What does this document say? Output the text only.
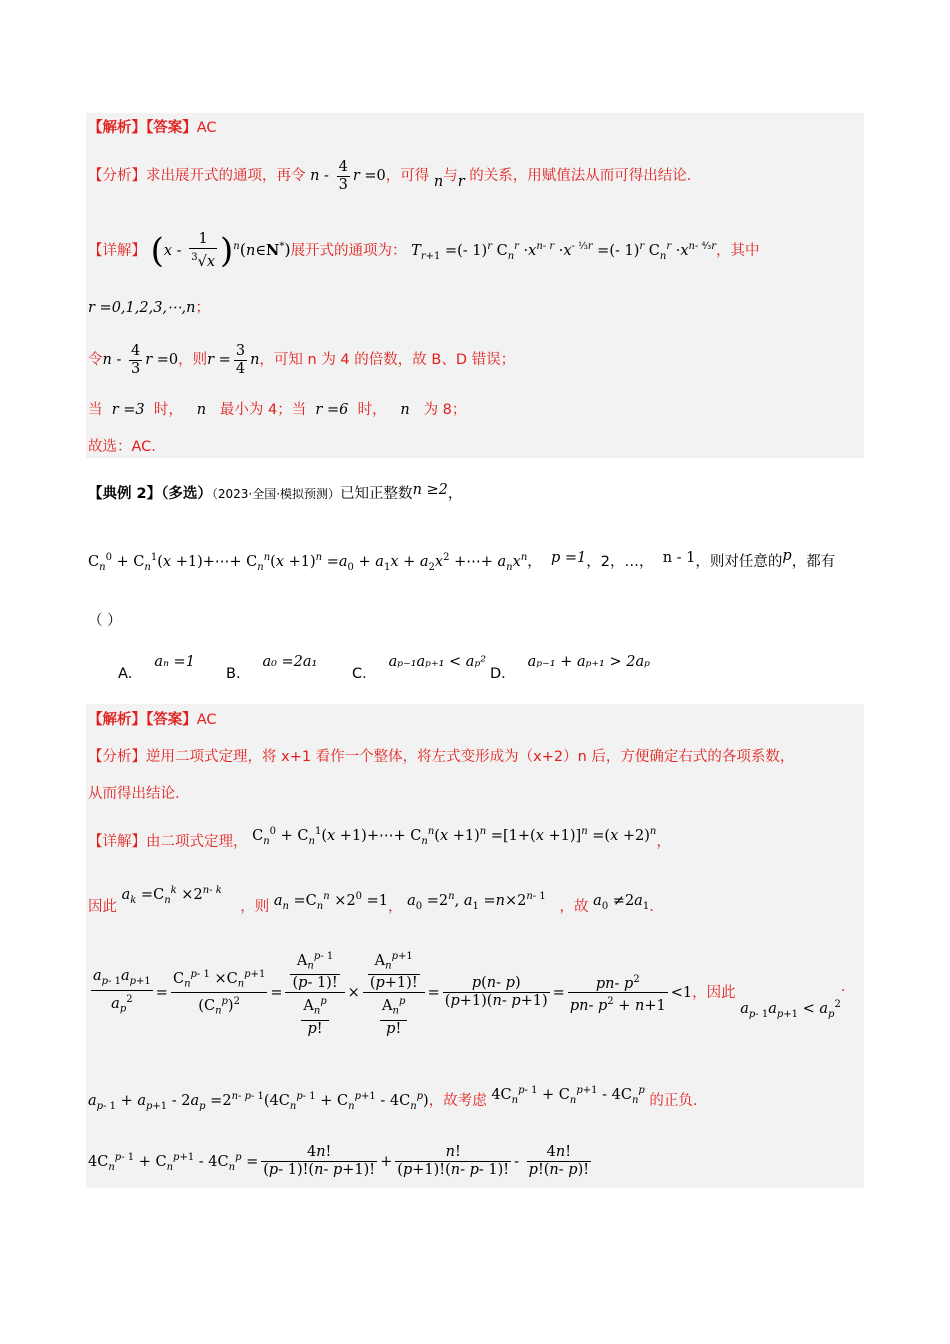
【解析】【答案】AC
【分析】求出展开式的通项，再令 n - $\frac{4}{3}$ r =0，可得 n与r 的关系，用赋值法从而可得出结论.
【详解】 ($x - \frac{1}{^3√x}$ )$^n$(n∈N*)展开式的通项为： $T_{r+1}$ =(- 1)$^r$ $C_n^r \cdot x^{n- r} \cdot x^{- \frac{1}{3}r}$ =(- 1)$^r$ $C_n^r \cdot x^{n- ^4⁄_3r}$，其中
r =0,1,2,3,⋯,n；
令n - $\frac{4}{3}$ r =0，则$r = \frac{3}{4}$ n，可知 n 为 4 的倍数，故 B、D 错误；
当 r =3 时， n 最小为 4；当 r =6 时， n 为 8；
故选：AC.
【典例 2】（多选）（2023·全国·模拟预测）已知正整数n ≥2，
$C_n^0 + C_n^1(x$ +1)+⋯+ $C_n^n(x +1)^n =a_0 + a_1x + a_2x^2$ +⋯+ $a_nx^n$， p =1，2，…， n - 1，则对任意的p，都有
（ ）
A．aₙ =1
B．a₀ =2a₁
C．aₚ₋₁aₚ₊₁ < aₚ²
D．aₚ₋₁ + aₚ₊₁ > 2aₚ
【解析】【答案】AC
【分析】逆用二项式定理，将 x+1 看作一个整体，将左式变形成为（x+2）n 后，方便确定右式的各项系数，
从而得出结论.
【详解】由二项式定理， $C_n^0 + C_n^1(x$ +1)+⋯+ $C_n^n(x +1)^n =[1+(x +1)]^n =(x +2)^n$，
因此 $a_k =C_n^k \times 2^{n- k}$    ，则 $a_n =C_n^n \times 2^0 =1$， $a_0 =2^n$, $a_1 =n\times 2^{n- 1}$   ，故 $a_0 \ne 2a_1$.
$\frac{a_{p- 1}a_{p+1}}{a_p^2} = \frac{C_n^{p- 1} \times C_n^{p+1}}{(C_n^p)^2} = \frac{\frac{A_n^{p- 1}}{(p- 1)!}}{\frac{A_n^p}{p!}} \times \frac{\frac{A_n^{p+1}}{(p+1)!}}{\frac{A_n^p}{p!}} = \frac{p(n- p)}{(p+1)(n- p+1)} = \frac{pn- p^2}{pn- p^2 + n+1} <1$，因此 $a_{p- 1}a_{p+1} < a_p^2$.
$a_{p- 1} + a_{p+1} - 2a_p =2^{n- p- 1}(4C_n^{p- 1} + C_n^{p+1} - 4C_n^p)$，故考虑 $4C_n^{p- 1} + C_n^{p+1} - 4C_n^p$ 的正负.
$4C_n^{p- 1} + C_n^{p+1} - 4C_n^p = \frac{4n!}{(p- 1)!(n- p+1)!} + \frac{n!}{(p+1)!(n- p- 1)!} - \frac{4n!}{p!(n- p)!}$
